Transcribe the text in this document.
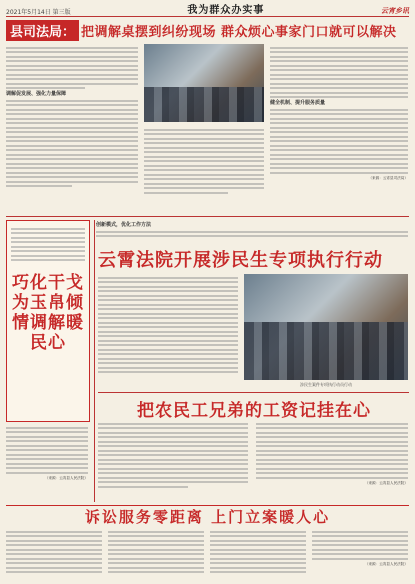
2021年5月14日 第三版	我为群众办实事	云宵乡讯
县司法局： 把调解桌摆到纠纷现场 群众烦心事家门口就可以解决
调解促发展、强化力量保障
健全机制、提升服务质量
（来源：云宵县司法局）
巧化干戈为玉帛倾情调解暖民心
（来源：云宵县人民法院）
创新模式，优化工作方法
云霄法院开展涉民生专项执行行动
涉民生案件专项执行动员行动
把农民工兄弟的工资记挂在心
（来源：云宵县人民法院）
诉讼服务零距离 上门立案暖人心
（来源：云宵县人民法院）
